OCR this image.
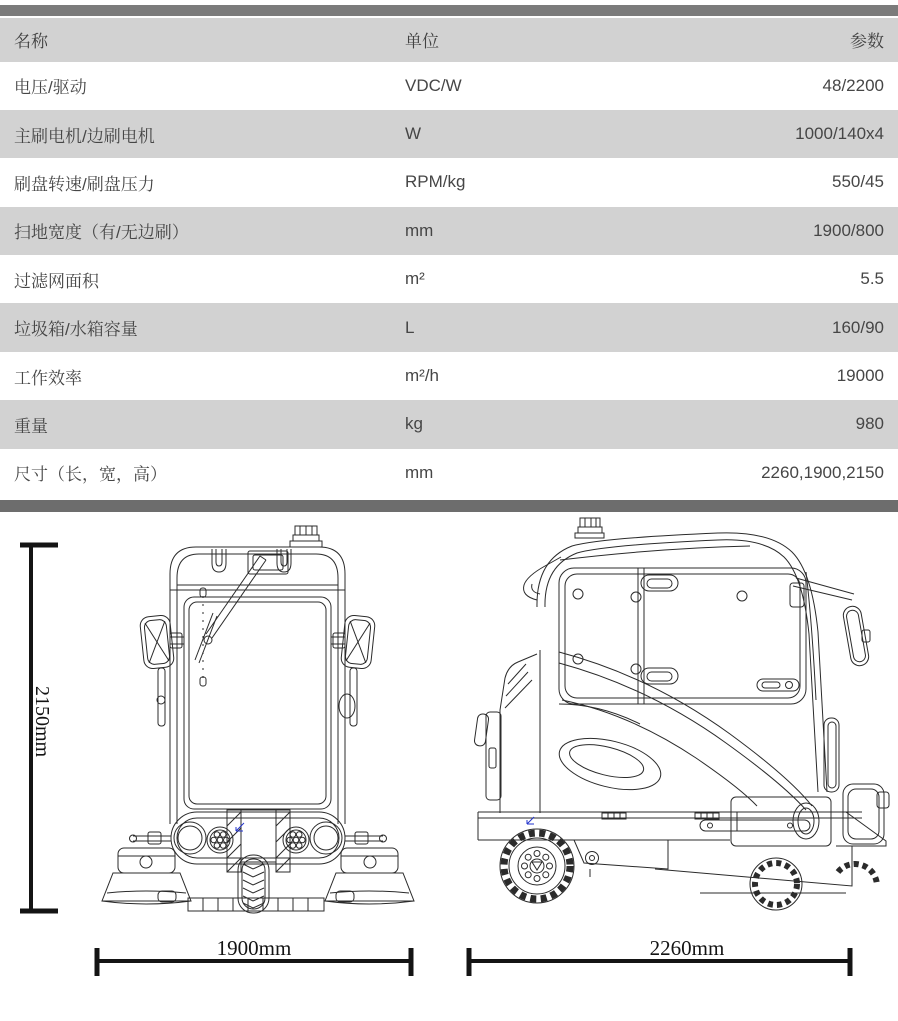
名称	单位	参数
电压/驱动	VDC/W	48/2200
主刷电机/边刷电机	W	1000/140x4
刷盘转速/刷盘压力	RPM/kg	550/45
扫地宽度（有/无边刷）	mm	1900/800
过滤网面积	m²	5.5
垃圾箱/水箱容量	L	160/90
工作效率	m²/h	19000
重量	kg	980
尺寸（长，宽，高）	mm	2260,1900,2150
2150mm
1900mm	2260mm
